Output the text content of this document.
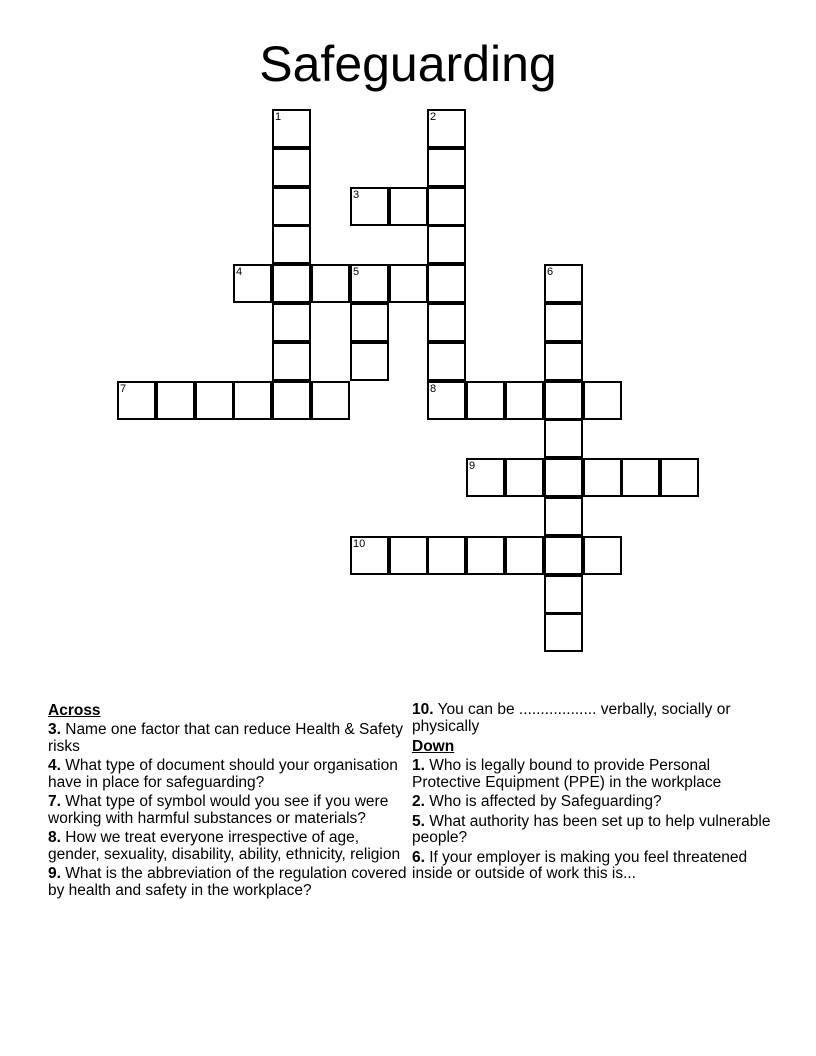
Safeguarding
1	2
3
4	5	6
7	8
9
10
Across
3. Name one factor that can reduce Health & Safety risks
4. What type of document should your organisation have in place for safeguarding?
7. What type of symbol would you see if you were working with harmful substances or materials?
8. How we treat everyone irrespective of age, gender, sexuality, disability, ability, ethnicity, religion
9. What is the abbreviation of the regulation covered by health and safety in the workplace?
10. You can be .................. verbally, socially or physically
Down
1. Who is legally bound to provide Personal Protective Equipment (PPE) in the workplace
2. Who is affected by Safeguarding?
5. What authority has been set up to help vulnerable people?
6. If your employer is making you feel threatened inside or outside of work this is...
